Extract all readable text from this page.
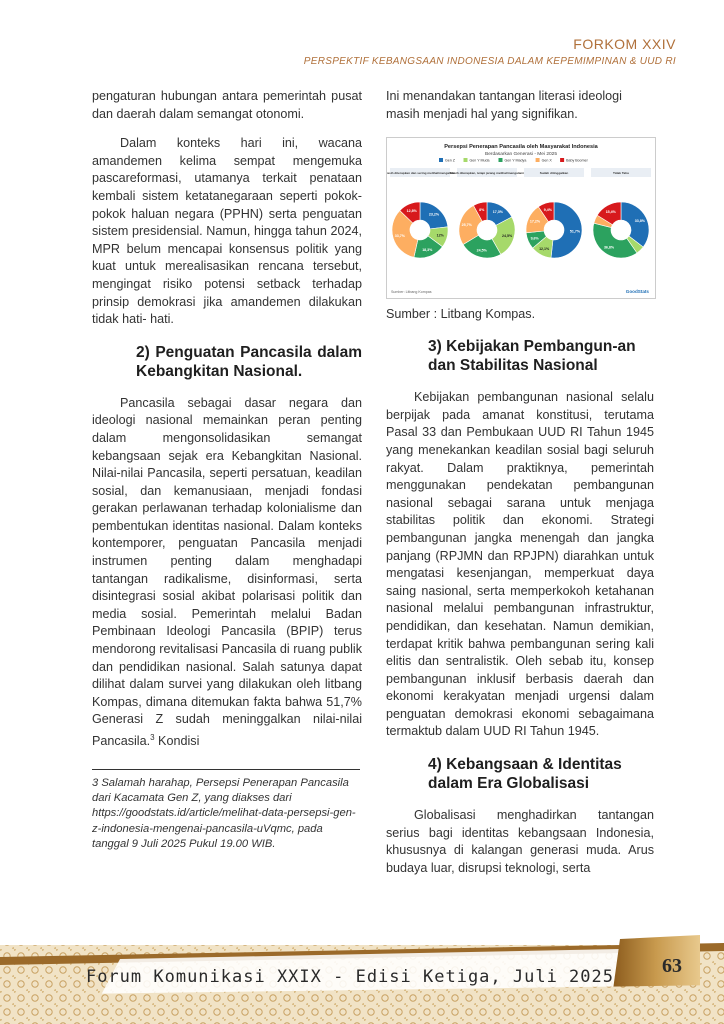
FORKOM XXIV
PERSPEKTIF KEBANGSAAN INDONESIA DALAM KEPEMIMPINAN & UUD RI

pengaturan hubungan antara pemerintah pusat dan daerah dalam semangat otonomi.

Dalam konteks hari ini, wacana amandemen kelima sempat mengemuka pascareformasi, utamanya terkait penataan kembali sistem ketatanegaraan seperti pokok-pokok haluan negara (PPHN) serta penguatan sistem presidensial. Namun, hingga tahun 2024, MPR belum mencapai konsensus politik yang kuat untuk merealisasikan rencana tersebut, mengingat risiko potensi setback terhadap prinsip demokrasi jika amandemen dilakukan tidak hati- hati.

2) Penguatan Pancasila dalam Kebangkitan Nasional.

Pancasila sebagai dasar negara dan ideologi nasional memainkan peran penting dalam mengonsolidasikan semangat kebangsaan sejak era Kebangkitan Nasional. Nilai-nilai Pancasila, seperti persatuan, keadilan sosial, dan kemanusiaan, menjadi fondasi gerakan perlawanan terhadap kolonialisme dan pembentukan identitas nasional. Dalam konteks kontemporer, penguatan Pancasila menjadi instrumen penting dalam menghadapi tantangan radikalisme, disinformasi, serta disintegrasi sosial akibat polarisasi politik dan media sosial. Pemerintah melalui Badan Pembinaan Ideologi Pancasila (BPIP) terus mendorong revitalisasi Pancasila di ruang publik dan pendidikan nasional. Salah satunya dapat dilihat dalam survei yang dilakukan oleh litbang Kompas, dimana ditemukan fakta bahwa 51,7% Generasi Z sudah meninggalkan nilai-nilai Pancasila.$^3$ Kondisi

3 Salamah harahap, Persepsi Penerapan Pancasila dari Kacamata Gen Z, yang diakses dari https://goodstats.id/article/melihat-data-persepsi-gen-z-indonesia-mengenai-pancasila-uVqmc, pada tanggal 9 Juli 2025 Pukul 19.00 WIB.

Ini menandakan tantangan literasi ideologi masih menjadi hal yang signifikan.

Persepsi Penerapan Pancasila oleh Masyarakat Indonesia
Berdasarkan Generasi - Mei 2025
Gen Z	Gen Y Muda	Gen Y Madya	Gen X	Baby Boomer
Masih diterapkan dan sering melihat/mengalami
23,2%
12%
18,3%
33,7%
12,8%
Masih diterapkan, tetapi jarang melihat/mengalami
17,3%
24,5%
24,5%
25,7%
8%
Sudah ditinggalkan
51,7%
12,1%
9,6%
17,2%
9,4%
Tidak Tahu
33,8%
36,8%
15,4%
Sumber: Litbang Kompas	GoodStats

Sumber : Litbang Kompas.

3) Kebijakan Pembangun-an dan Stabilitas Nasional

Kebijakan pembangunan nasional selalu berpijak pada amanat konstitusi, terutama Pasal 33 dan Pembukaan UUD RI Tahun 1945 yang menekankan keadilan sosial bagi seluruh rakyat. Dalam praktiknya, pemerintah menggunakan pendekatan pembangunan nasional sebagai sarana untuk menjaga stabilitas politik dan ekonomi. Strategi pembangunan jangka menengah dan jangka panjang (RPJMN dan RPJPN) diarahkan untuk mengatasi kesenjangan, memperkuat daya saing nasional, serta memperkokoh ketahanan nasional melalui pembangunan infrastruktur, pendidikan, dan kesehatan. Namun demikian, terdapat kritik bahwa pembangunan sering kali elitis dan sentralistik. Oleh sebab itu, konsep pembangunan inklusif berbasis daerah dan ekonomi kerakyatan menjadi urgensi dalam penguatan demokrasi ekonomi sebagaimana termaktub dalam UUD RI Tahun 1945.

4) Kebangsaan & Identitas dalam Era Globalisasi

Globalisasi menghadirkan tantangan serius bagi identitas kebangsaan Indonesia, khususnya di kalangan generasi muda. Arus budaya luar, disrupsi teknologi, serta

Forum Komunikasi XXIX - Edisi Ketiga, Juli 2025 63
